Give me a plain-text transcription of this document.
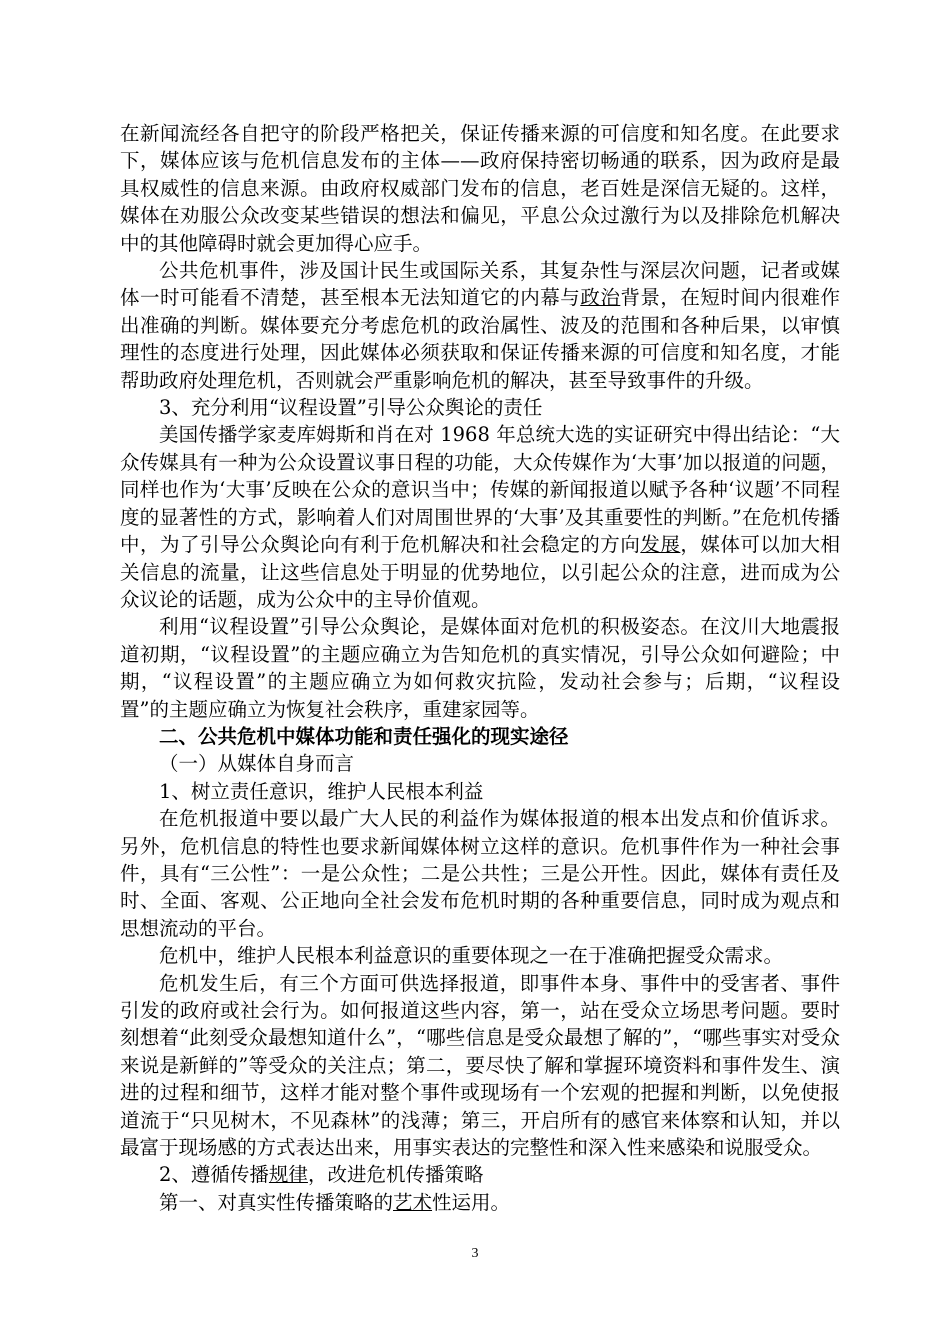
在新闻流经各自把守的阶段严格把关，保证传播来源的可信度和知名度。在此要求下，媒体应该与危机信息发布的主体——政府保持密切畅通的联系，因为政府是最具权威性的信息来源。由政府权威部门发布的信息，老百姓是深信无疑的。这样，媒体在劝服公众改变某些错误的想法和偏见，平息公众过激行为以及排除危机解决中的其他障碍时就会更加得心应手。

公共危机事件，涉及国计民生或国际关系，其复杂性与深层次问题，记者或媒体一时可能看不清楚，甚至根本无法知道它的内幕与政治背景，在短时间内很难作出准确的判断。媒体要充分考虑危机的政治属性、波及的范围和各种后果，以审慎理性的态度进行处理，因此媒体必须获取和保证传播来源的可信度和知名度，才能帮助政府处理危机，否则就会严重影响危机的解决，甚至导致事件的升级。

3、充分利用“议程设置”引导公众舆论的责任

美国传播学家麦库姆斯和肖在对 1968 年总统大选的实证研究中得出结论：“大众传媒具有一种为公众设置议事日程的功能，大众传媒作为‘大事’加以报道的问题，同样也作为‘大事’反映在公众的意识当中；传媒的新闻报道以赋予各种‘议题’不同程度的显著性的方式，影响着人们对周围世界的‘大事’及其重要性的判断。”在危机传播中，为了引导公众舆论向有利于危机解决和社会稳定的方向发展，媒体可以加大相关信息的流量，让这些信息处于明显的优势地位，以引起公众的注意，进而成为公众议论的话题，成为公众中的主导价值观。

利用“议程设置”引导公众舆论，是媒体面对危机的积极姿态。在汶川大地震报道初期，“议程设置”的主题应确立为告知危机的真实情况，引导公众如何避险；中期，“议程设置”的主题应确立为如何救灾抗险，发动社会参与；后期，“议程设置”的主题应确立为恢复社会秩序，重建家园等。

二、公共危机中媒体功能和责任强化的现实途径

（一）从媒体自身而言

1、树立责任意识，维护人民根本利益

在危机报道中要以最广大人民的利益作为媒体报道的根本出发点和价值诉求。另外，危机信息的特性也要求新闻媒体树立这样的意识。危机事件作为一种社会事件，具有“三公性”：一是公众性；二是公共性；三是公开性。因此，媒体有责任及时、全面、客观、公正地向全社会发布危机时期的各种重要信息，同时成为观点和思想流动的平台。

危机中，维护人民根本利益意识的重要体现之一在于准确把握受众需求。

危机发生后，有三个方面可供选择报道，即事件本身、事件中的受害者、事件引发的政府或社会行为。如何报道这些内容，第一，站在受众立场思考问题。要时刻想着“此刻受众最想知道什么”，“哪些信息是受众最想了解的”，“哪些事实对受众来说是新鲜的”等受众的关注点；第二，要尽快了解和掌握环境资料和事件发生、演进的过程和细节，这样才能对整个事件或现场有一个宏观的把握和判断，以免使报道流于“只见树木，不见森林”的浅薄；第三，开启所有的感官来体察和认知，并以最富于现场感的方式表达出来，用事实表达的完整性和深入性来感染和说服受众。

2、遵循传播规律，改进危机传播策略

第一、对真实性传播策略的艺术性运用。

3
